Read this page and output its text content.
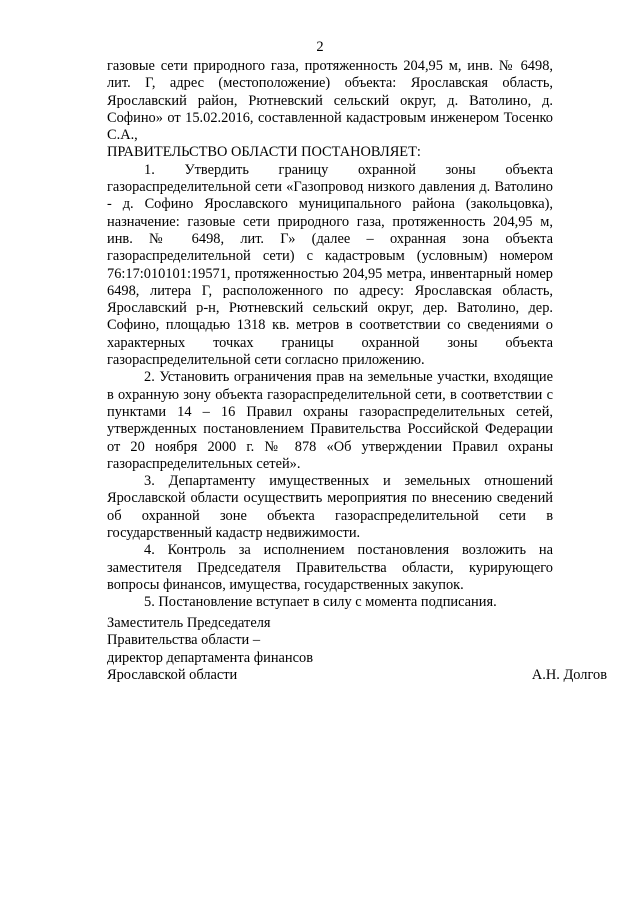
2

газовые сети природного газа, протяженность 204,95 м, инв. № 6498, лит. Г, адрес (местоположение) объекта: Ярославская область, Ярославский район, Рютневский сельский округ, д. Ватолино, д. Софино» от 15.02.2016, составленной кадастровым инженером Тосенко С.А.,

ПРАВИТЕЛЬСТВО ОБЛАСТИ ПОСТАНОВЛЯЕТ:

1. Утвердить границу охранной зоны объекта газораспределительной сети «Газопровод низкого давления д. Ватолино - д. Софино Ярославского муниципального района (закольцовка), назначение: газовые сети природного газа, протяженность 204,95 м, инв. № 6498, лит. Г» (далее – охранная зона объекта газораспределительной сети) с кадастровым (условным) номером 76:17:010101:19571, протяженностью 204,95 метра, инвентарный номер 6498, литера Г, расположенного по адресу: Ярославская область, Ярославский р-н, Рютневский сельский округ, дер. Ватолино, дер. Софино, площадью 1318 кв. метров в соответствии со сведениями о характерных точках границы охранной зоны объекта газораспределительной сети согласно приложению.

2. Установить ограничения прав на земельные участки, входящие в охранную зону объекта газораспределительной сети, в соответствии с пунктами 14 – 16 Правил охраны газораспределительных сетей, утвержденных постановлением Правительства Российской Федерации от 20 ноября 2000 г. № 878 «Об утверждении Правил охраны газораспределительных сетей».

3. Департаменту имущественных и земельных отношений Ярославской области осуществить мероприятия по внесению сведений об охранной зоне объекта газораспределительной сети в государственный кадастр недвижимости.

4. Контроль за исполнением постановления возложить на заместителя Председателя Правительства области, курирующего вопросы финансов, имущества, государственных закупок.

5. Постановление вступает в силу с момента подписания.

Заместитель Председателя

Правительства области –

директор департамента финансов

Ярославской области	А.Н. Долгов
